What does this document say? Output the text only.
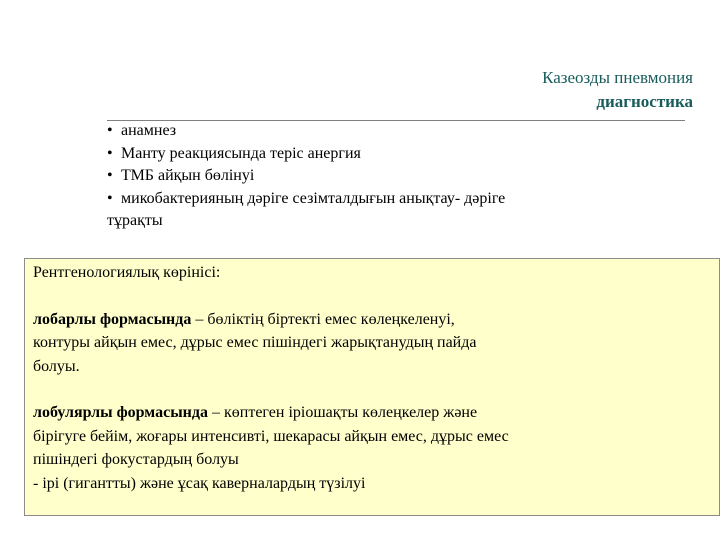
Казеозды пневмония
диагностика
• анамнез
• Манту реакциясында теріс анергия
• ТМБ айқын бөлінуі
• микобактерияның дәріге сезімталдығын анықтау- дәріге
тұрақты

Рентгенологиялық көрінісі:

лобарлы формасында – бөліктің біртекті емес көлеңкеленуі,

контуры айқын емес, дұрыс емес пішіндегі жарықтанудың пайда

болуы.

лобулярлы формасында – көптеген іріошақты көлеңкелер және

бірігуге бейім, жоғары интенсивті, шекарасы айқын емес, дұрыс емес

пішіндегі фокустардың болуы

- ірі (гигантты) және ұсақ каверналардың түзілуі
